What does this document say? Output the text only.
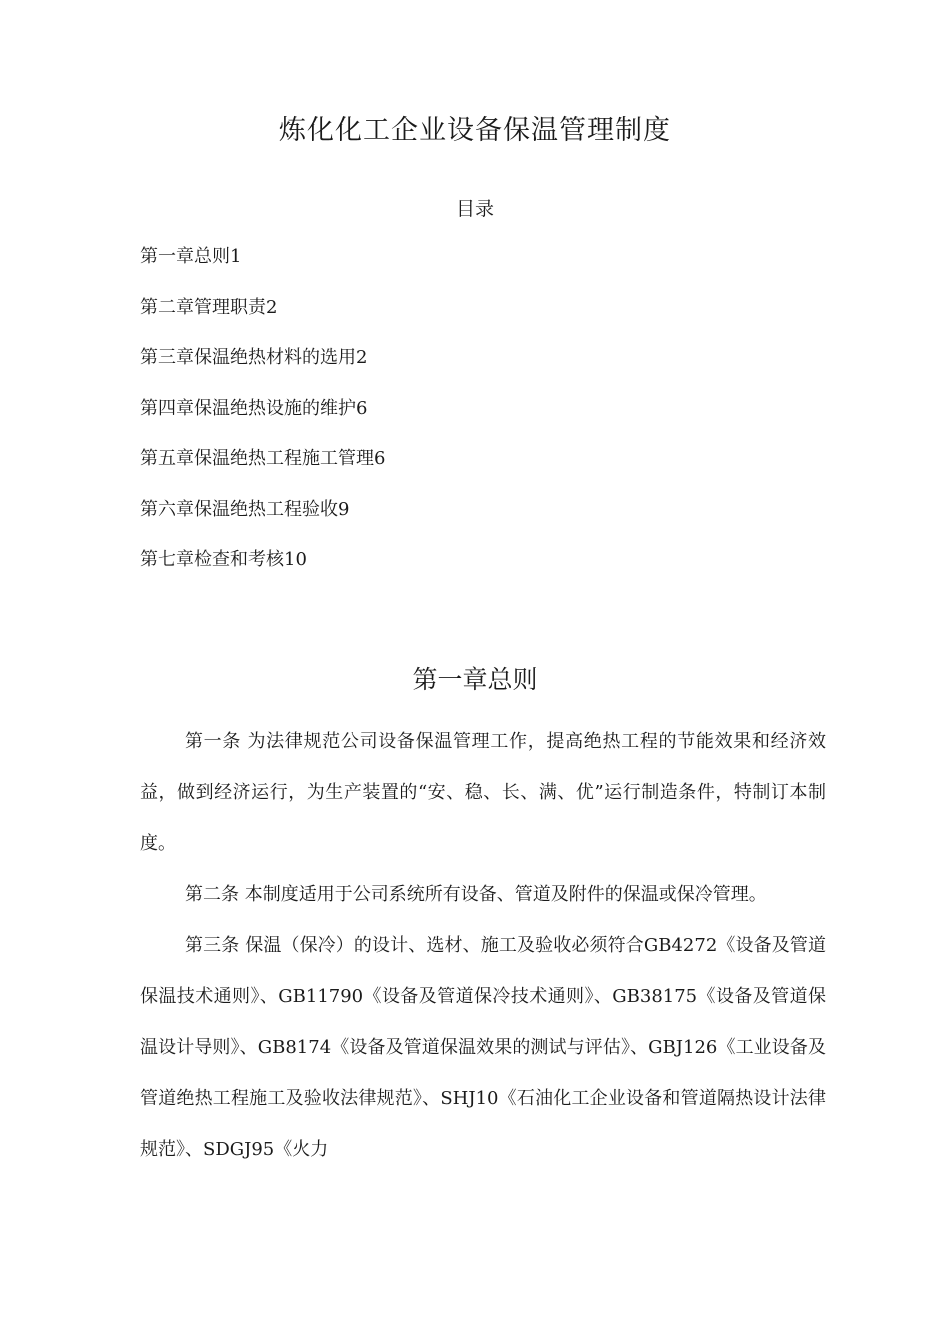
炼化化工企业设备保温管理制度
目录
第一章总则1
第二章管理职责2
第三章保温绝热材料的选用2
第四章保温绝热设施的维护6
第五章保温绝热工程施工管理6
第六章保温绝热工程验收9
第七章检查和考核10
第一章总则

第一条 为法律规范公司设备保温管理工作，提高绝热工程的节能效果和经济效益，做到经济运行，为生产装置的“安、稳、长、满、优”运行制造条件，特制订本制度。

第二条 本制度适用于公司系统所有设备、管道及附件的保温或保冷管理。

第三条 保温（保冷）的设计、选材、施工及验收必须符合GB4272《设备及管道保温技术通则》、GB11790《设备及管道保冷技术通则》、GB38175《设备及管道保温设计导则》、GB8174《设备及管道保温效果的测试与评估》、GBJ126《工业设备及管道绝热工程施工及验收法律规范》、SHJ10《石油化工企业设备和管道隔热设计法律规范》、SDGJ95《火力
